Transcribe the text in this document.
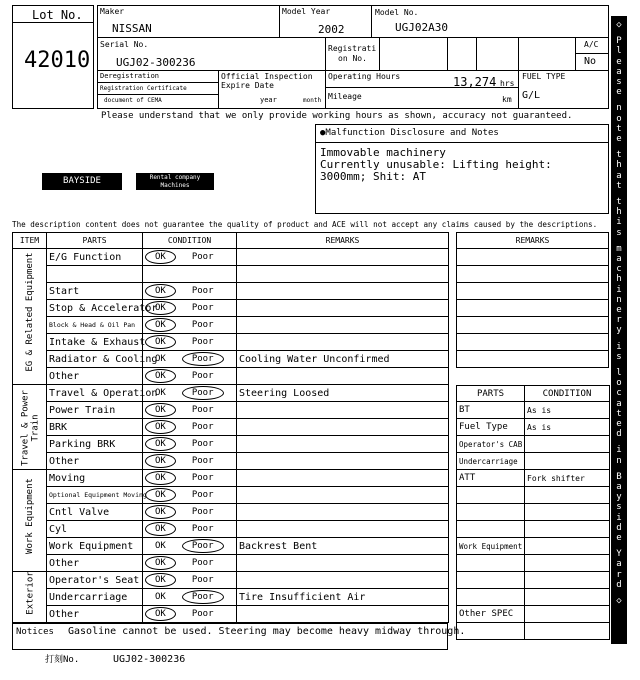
Lot No.
42010
Maker
NISSAN
Model Year
2002
Model No.
UGJ02A30
Serial No.
UGJ02-300236
Registrati
on No.
A/C
No
Deregistration
Registration Certificate
document of CEMA
Official Inspection
Expire Date
year	month
Operating Hours	13,274 hrs
Mileage	km
FUEL TYPE
G/L
Please understand that we only provide working hours as shown, accuracy not guaranteed.
●Malfunction Disclosure and Notes
Immovable machinery
Currently unusable: Lifting height:
3000mm; Shit: AT
BAYSIDE	Rental company
Machines
The description content does not guarantee the quality of product and ACE will not accept any claims caused by the descriptions.
ITEM	PARTS	CONDITION	REMARKS

EG & Related Equipment	E/G Function	OK Poor	

	Start	OK Poor	
	Stop & Accelerator	OK Poor	
	Block & Head & Oil Pan	OK Poor	
	Intake & Exhaust	OK Poor	
	Radiator & Cooling	OK Poor	Cooling Water Unconfirmed
	Other	OK Poor	

Travel & Power Train	Travel & Operation	OK Poor	Steering Loosed
	Power Train	OK Poor	
	BRK	OK Poor	
	Parking BRK	OK Poor	
	Other	OK Poor	

Work Equipment	Moving	OK Poor	
	Optional Equipment Moving	OK Poor	
	Cntl Valve	OK Poor	
	Cyl	OK Poor	
	Work Equipment	OK Poor	Backrest Bent
	Other	OK Poor	

Exterior	Operator's Seat	OK Poor	
	Undercarriage	OK Poor	Tire Insufficient Air
	Other	OK Poor	
REMARKS

PARTS	CONDITION
BT	As is
Fuel Type	As is
Operator's CAB	
Undercarriage	
ATT	Fork shifter

Work Equipment	

Other SPEC	

Notices Gasoline cannot be used. Steering may become heavy midway through.
打刻No.	UGJ02-300236
◇
P
l
e
a
s
e
n
o
t
e
t
h
a
t
t
h
i
s
m
a
c
h
i
n
e
r
y
i
s
l
o
c
a
t
e
d
i
n
B
a
y
s
i
d
e
Y
a
r
d
◇
